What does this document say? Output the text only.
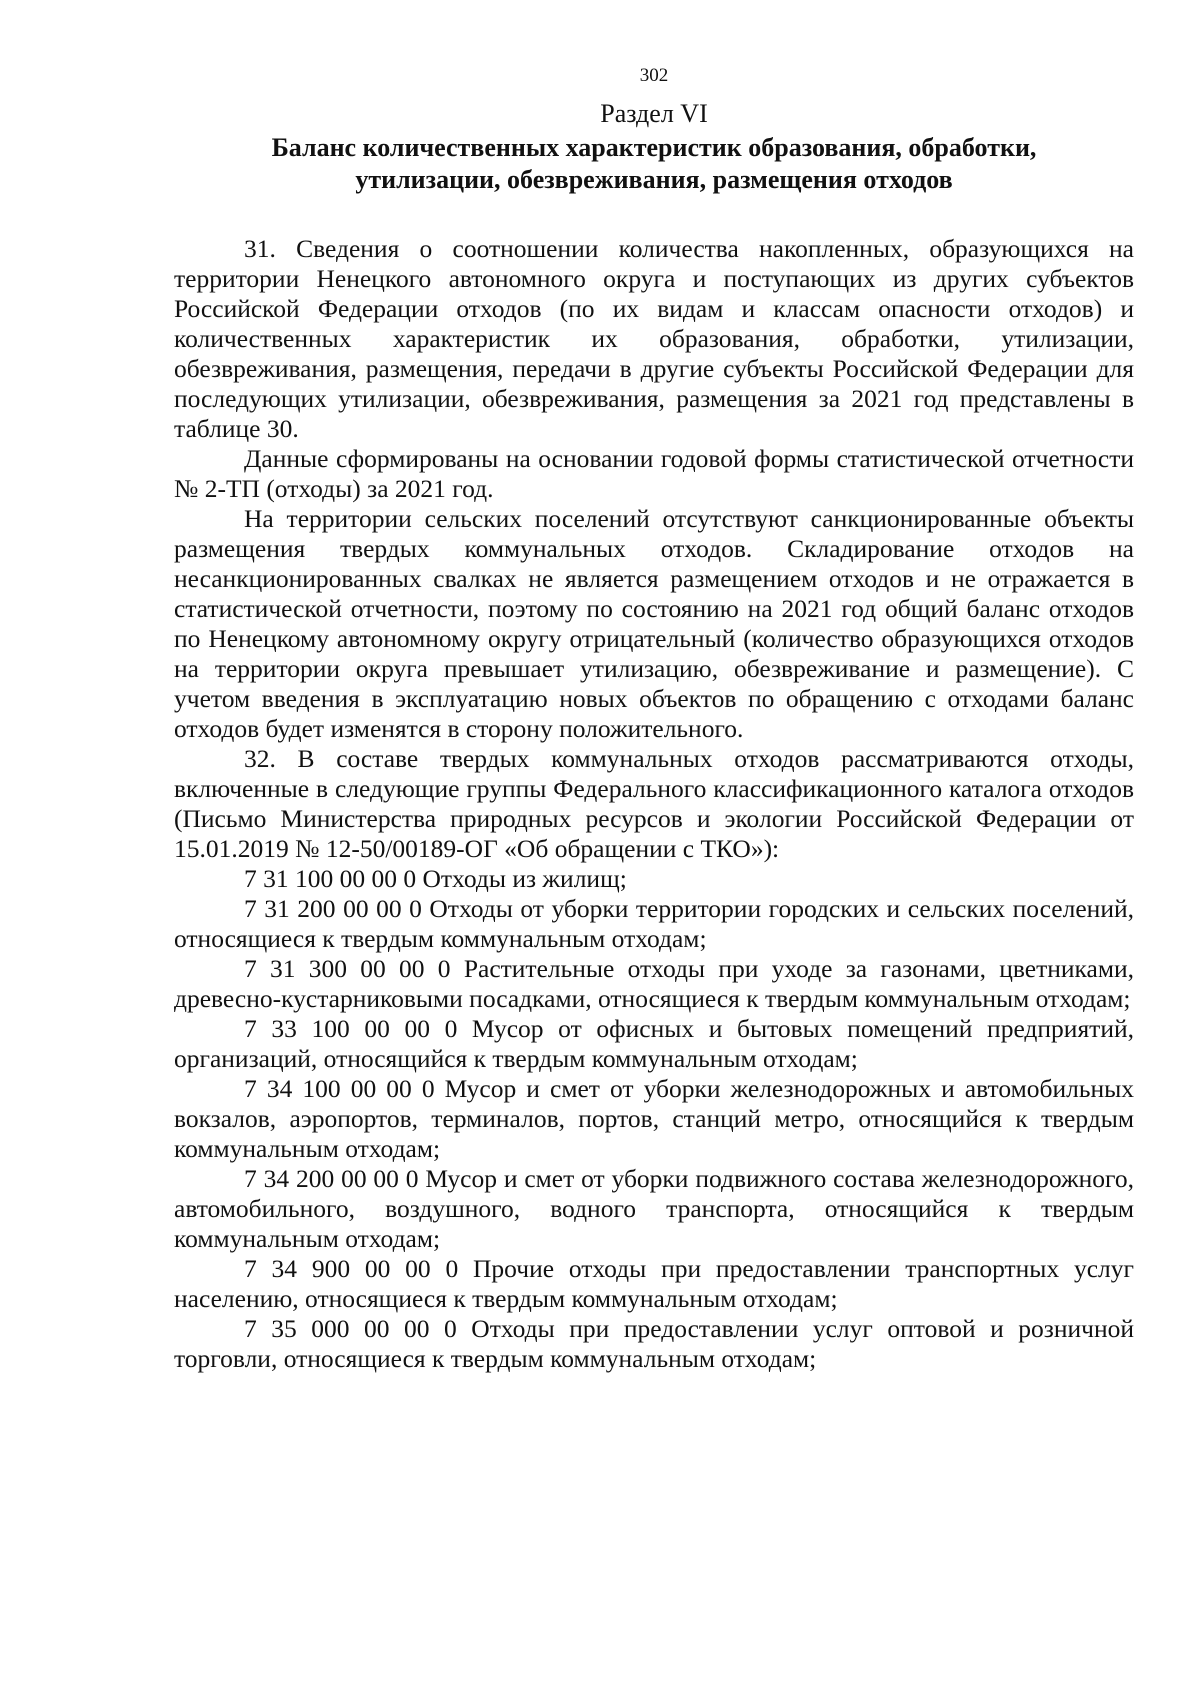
302
Раздел VI
Баланс количественных характеристик образования, обработки,
утилизации, обезвреживания, размещения отходов

31. Сведения о соотношении количества накопленных, образующихся на территории Ненецкого автономного округа и поступающих из других субъектов Российской Федерации отходов (по их видам и классам опасности отходов) и количественных характеристик их образования, обработки, утилизации, обезвреживания, размещения, передачи в другие субъекты Российской Федерации для последующих утилизации, обезвреживания, размещения за 2021 год представлены в таблице 30.

Данные сформированы на основании годовой формы статистической отчетности № 2-ТП (отходы) за 2021 год.

На территории сельских поселений отсутствуют санкционированные объекты размещения твердых коммунальных отходов. Складирование отходов на несанкционированных свалках не является размещением отходов и не отражается в статистической отчетности, поэтому по состоянию на 2021 год общий баланс отходов по Ненецкому автономному округу отрицательный (количество образующихся отходов на территории округа превышает утилизацию, обезвреживание и размещение). С учетом введения в эксплуатацию новых объектов по обращению с отходами баланс отходов будет изменятся в сторону положительного.

32. В составе твердых коммунальных отходов рассматриваются отходы, включенные в следующие группы Федерального классификационного каталога отходов (Письмо Министерства природных ресурсов и экологии Российской Федерации от 15.01.2019 № 12-50/00189-ОГ «Об обращении с ТКО»):

7 31 100 00 00 0 Отходы из жилищ;

7 31 200 00 00 0 Отходы от уборки территории городских и сельских поселений, относящиеся к твердым коммунальным отходам;

7 31 300 00 00 0 Растительные отходы при уходе за газонами, цветниками, древесно-кустарниковыми посадками, относящиеся к твердым коммунальным отходам;

7 33 100 00 00 0 Мусор от офисных и бытовых помещений предприятий, организаций, относящийся к твердым коммунальным отходам;

7 34 100 00 00 0 Мусор и смет от уборки железнодорожных и автомобильных вокзалов, аэропортов, терминалов, портов, станций метро, относящийся к твердым коммунальным отходам;

7 34 200 00 00 0 Мусор и смет от уборки подвижного состава железнодорожного, автомобильного, воздушного, водного транспорта, относящийся к твердым коммунальным отходам;

7 34 900 00 00 0 Прочие отходы при предоставлении транспортных услуг населению, относящиеся к твердым коммунальным отходам;

7 35 000 00 00 0 Отходы при предоставлении услуг оптовой и розничной торговли, относящиеся к твердым коммунальным отходам;
